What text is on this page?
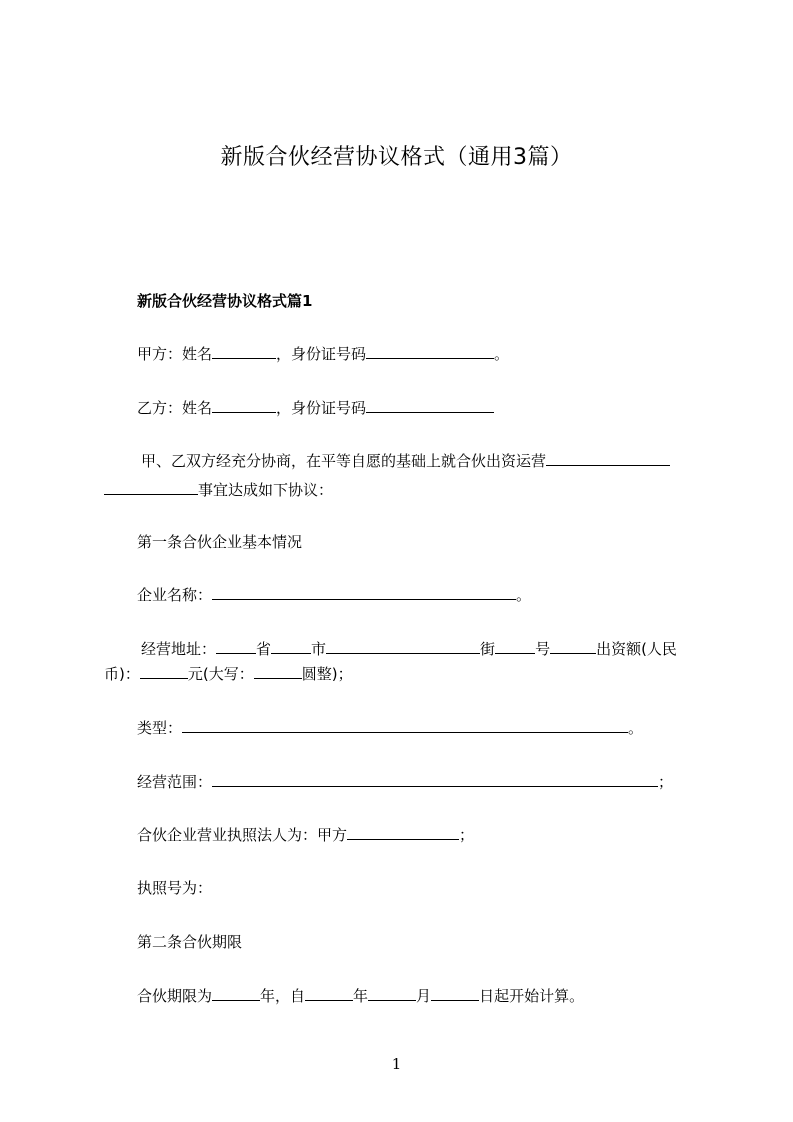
新版合伙经营协议格式（通用3篇）
新版合伙经营协议格式篇1
甲方：姓名	，身份证号码	。
乙方：姓名	，身份证号码
甲、乙双方经充分协商，在平等自愿的基础上就合伙出资运营
事宜达成如下协议：
第一条合伙企业基本情况
企业名称：	。
经营地址：	省	市	街	号	出资额(人民
币)：	元(大写：	圆整)；
类型：	。
经营范围：	；
合伙企业营业执照法人为：甲方	；
执照号为：
第二条合伙期限
合伙期限为	年，自	年	月	日起开始计算。
1
